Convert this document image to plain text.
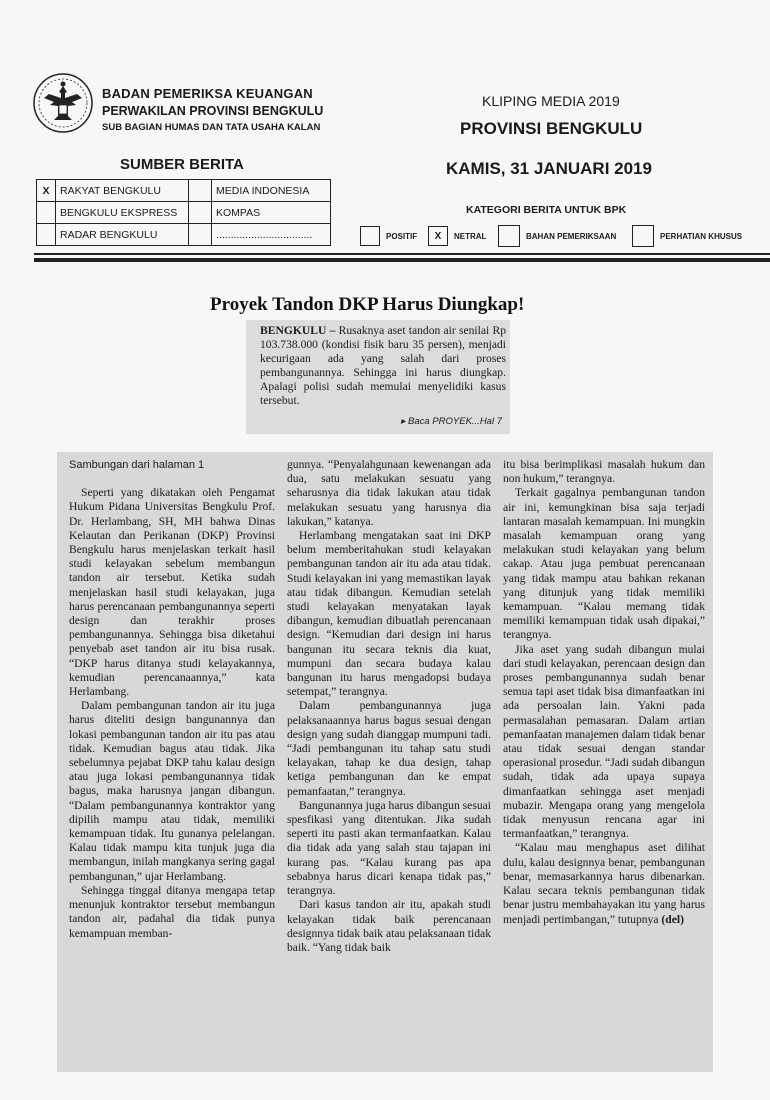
BADAN PEMERIKSA KEUANGAN
PERWAKILAN PROVINSI BENGKULU
SUB BAGIAN HUMAS DAN TATA USAHA KALAN
KLIPING MEDIA 2019
PROVINSI BENGKULU
SUMBER BERITA	KAMIS, 31 JANUARI 2019
X	RAKYAT BENGKULU		MEDIA INDONESIA
	BENGKULU EKSPRESS		KOMPAS
	RADAR BENGKULU		.................................
KATEGORI BERITA UNTUK BPK
POSITIF	X	NETRAL	BAHAN PEMERIKSAAN	PERHATIAN KHUSUS
Proyek Tandon DKP Harus Diungkap!

BENGKULU – Rusaknya aset tandon air senilai Rp 103.738.000 (kondisi fisik baru 35 persen), menjadi kecurigaan ada yang salah dari proses pembangunannya. Sehingga ini harus diungkap. Apalagi polisi sudah memulai menyelidiki kasus tersebut.

▸ Baca PROYEK...Hal 7

Sambungan dari halaman 1

Seperti yang dikatakan oleh Pengamat Hukum Pidana Universitas Bengkulu Prof. Dr. Herlambang, SH, MH bahwa Dinas Kelautan dan Perikanan (DKP) Provinsi Bengkulu harus menjelaskan terkait hasil studi kelayakan sebelum membangun tandon air tersebut. Ketika sudah menjelaskan hasil studi kelayakan, juga harus perencanaan pembangunannya seperti design dan terakhir proses pembangunannya. Sehingga bisa diketahui penyebab aset tandon air itu bisa rusak. “DKP harus ditanya studi kelayakannya, kemudian perencanaannya,” kata Herlambang.

Dalam pembangunan tandon air itu juga harus diteliti design bangunannya dan lokasi pembangunan tandon air itu pas atau tidak. Kemudian bagus atau tidak. Jika sebelumnya pejabat DKP tahu kalau design atau juga lokasi pembangunannya tidak bagus, maka harusnya jangan dibangun. “Dalam pembangunannya kontraktor yang dipilih mampu atau tidak, memiliki kemampuan tidak. Itu gunanya pelelangan. Kalau tidak mampu kita tunjuk juga dia membangun, inilah mangkanya sering gagal pembangunan,” ujar Herlambang.

Sehingga tinggal ditanya mengapa tetap menunjuk kontraktor tersebut membangun tandon air, padahal dia tidak punya kemampuan memban-

gunnya. “Penyalahgunaan kewenangan ada dua, satu melakukan sesuatu yang seharusnya dia tidak lakukan atau tidak melakukan sesuatu yang harusnya dia lakukan,” katanya.

Herlambang mengatakan saat ini DKP belum memberitahukan studi kelayakan pembangunan tandon air itu ada atau tidak. Studi kelayakan ini yang memastikan layak atau tidak dibangun. Kemudian setelah studi kelayakan menyatakan layak dibangun, kemudian dibuatlah perencanaan design. “Kemudian dari design ini harus bangunan itu secara teknis dia kuat, mumpuni dan secara budaya kalau bangunan itu harus mengadopsi budaya setempat,” terangnya.

Dalam pembangunannya juga pelaksanaannya harus bagus sesuai dengan design yang sudah dianggap mumpuni tadi. “Jadi pembangunan itu tahap satu studi kelayakan, tahap ke dua design, tahap ketiga pembangunan dan ke empat pemanfaatan,” terangnya.

Bangunannya juga harus dibangun sesuai spesfikasi yang ditentukan. Jika sudah seperti itu pasti akan termanfaatkan. Kalau dia tidak ada yang salah stau tajapan ini kurang pas. “Kalau kurang pas apa sebabnya harus dicari kenapa tidak pas,” terangnya.

Dari kasus tandon air itu, apakah studi kelayakan tidak baik perencanaan designnya tidak baik atau pelaksanaan tidak baik. “Yang tidak baik

itu bisa berimplikasi masalah hukum dan non hukum,” terangnya.

Terkait gagalnya pembangunan tandon air ini, kemungkinan bisa saja terjadi lantaran masalah kemampuan. Ini mungkin masalah kemampuan orang yang melakukan studi kelayakan yang belum cakap. Atau juga pembuat perencanaan yang tidak mampu atau bahkan rekanan yang ditunjuk yang tidak memiliki kemampuan. “Kalau memang tidak memiliki kemampuan tidak usah dipakai,” terangnya.

Jika aset yang sudah dibangun mulai dari studi kelayakan, perencaan design dan proses pembangunannya sudah benar semua tapi aset tidak bisa dimanfaatkan ini ada persoalan lain. Yakni pada permasalahan pemasaran. Dalam artian pemanfaatan manajemen dalam tidak benar atau tidak sesuai dengan standar operasional prosedur. “Jadi sudah dibangun sudah, tidak ada upaya supaya dimanfaatkan sehingga aset menjadi mubazir. Mengapa orang yang mengelola tidak menyusun rencana agar ini termanfaatkan,” terangnya.

“Kalau mau menghapus aset dilihat dulu, kalau designnya benar, pembangunan benar, memasarkannya harus dibenarkan. Kalau secara teknis pembangunan tidak benar justru membahayakan itu yang harus menjadi pertimbangan,” tutupnya (del)
